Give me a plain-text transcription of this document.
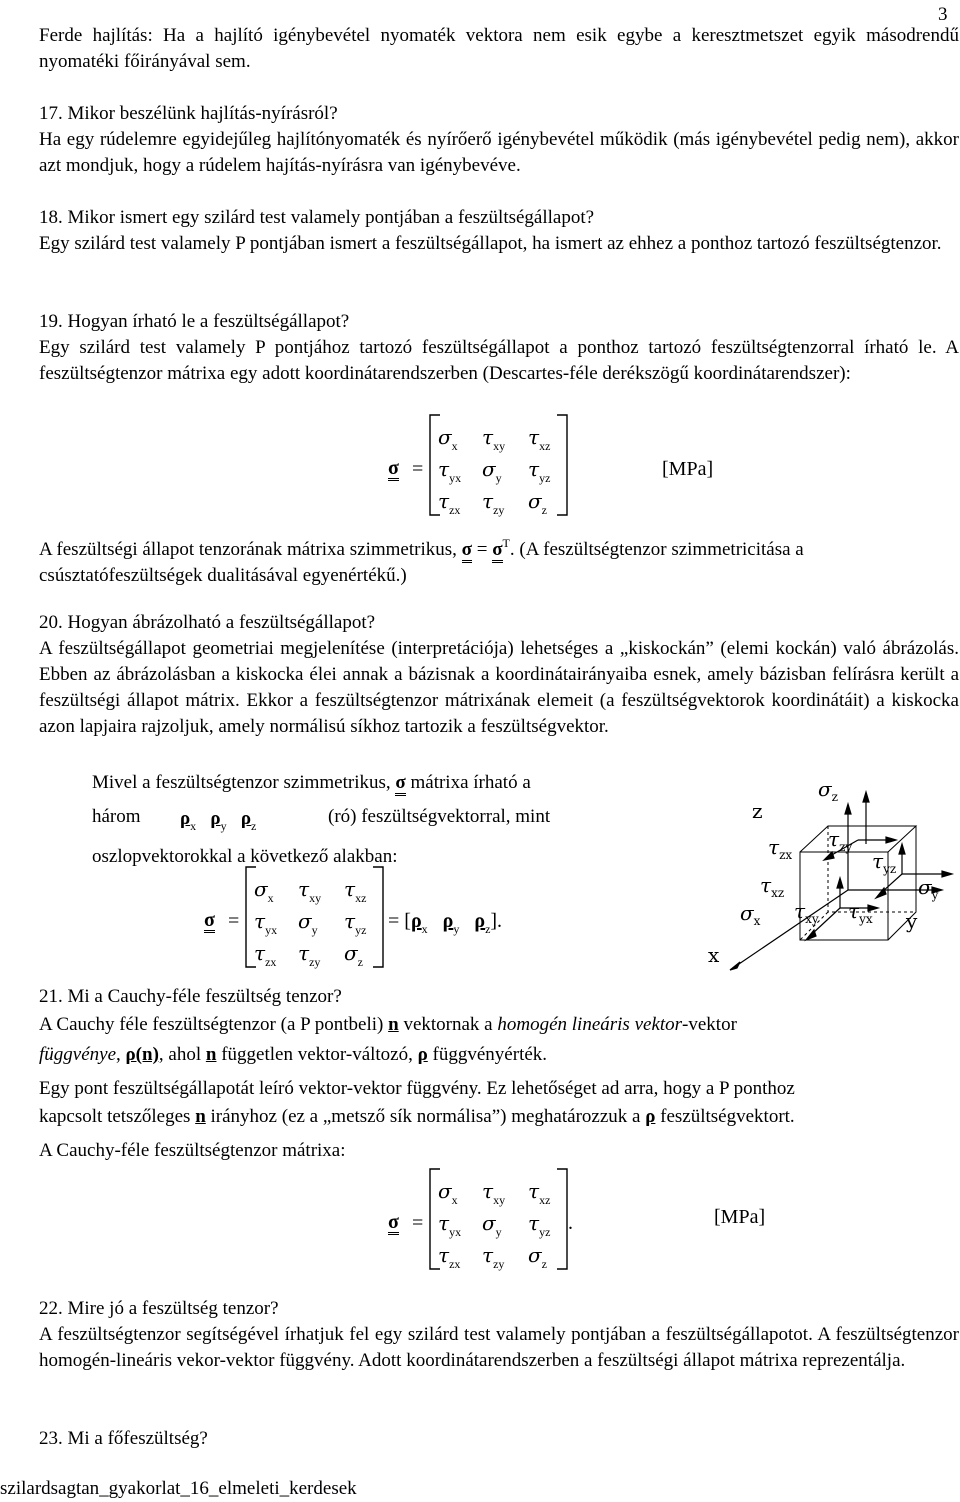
3
Ferde hajlítás: Ha a hajlító igénybevétel nyomaték vektora nem esik egybe a keresztmetszet egyik másodrendű nyomatéki főirányával sem.
17. Mikor beszélünk hajlítás-nyírásról?
Ha egy rúdelemre egyidejűleg hajlítónyomaték és nyírőerő igénybevétel működik (más igénybevétel pedig nem), akkor azt mondjuk, hogy a rúdelem hajítás-nyírásra van igénybevéve.
18. Mikor ismert egy szilárd test valamely pontjában a feszültségállapot?
Egy szilárd test valamely P pontjában ismert a feszültségállapot, ha ismert az ehhez a ponthoz tartozó feszültségtenzor.
19. Hogyan írható le a feszültségállapot?
Egy szilárd test valamely P pontjához tartozó feszültségállapot a ponthoz tartozó feszültségtenzorral írható le. A feszültségtenzor mátrixa egy adott koordinátarendszerben (Descartes-féle derékszögű koordinátarendszer):
σ =
$\sigma_x$ $\tau_{xy}$ $\tau_{xz}$
$\tau_{yx}$ $\sigma_y$ $\tau_{yz}$
$\tau_{zx}$ $\tau_{zy}$ $\sigma_z$
[MPa]
A feszültségi állapot tenzorának mátrixa szimmetrikus, $\sigma = \sigma^T$. (A feszültségtenzor szimmetricitása a csúsztatófeszültségek dualitásával egyenértékű.)
20. Hogyan ábrázolható a feszültségállapot?
A feszültségállapot geometriai megjelenítése (interpretációja) lehetséges a „kiskockán” (elemi kockán) való ábrázolás. Ebben az ábrázolásban a kiskocka élei annak a bázisnak a koordinátairányaiba esnek, amely bázisban felírásra került a feszültségi állapot mátrix. Ekkor a feszültségtenzor mátrixának elemeit (a feszültségvektorok koordinátáit) a kiskocka azon lapjaira rajzoljuk, amely normálisú síkhoz tartozik a feszültségvektor.
Mivel a feszültségtenzor szimmetrikus, σ mátrixa írható a
három $\rho_x$ $\rho_y$ $\rho_z$	(ró) feszültségvektorral, mint
oszlopvektorokkal a következő alakban:
σ =
$\sigma_x$ $\tau_{xy}$ $\tau_{xz}$
$\tau_{yx}$ $\sigma_y$ $\tau_{yz}$
$\tau_{zx}$ $\tau_{zy}$ $\sigma_z$
= [$\rho_x$ $\rho_y$ $\rho_z$].
z
y
x
$\sigma_z$
$\tau_{zx}$
$\tau_{zy}$
$\tau_{yz}$
$\sigma_y$
$\tau_{xz}$
$\sigma_x$ $\tau_{xy}$ $\tau_{yx}$
21. Mi a Cauchy-féle feszültség tenzor?
A Cauchy féle feszültségtenzor (a P pontbeli) n vektornak a homogén lineáris vektor-vektor
függvénye, ρ(n), ahol n független vektor-változó, ρ függvényérték.
Egy pont feszültségállapotát leíró vektor-vektor függvény. Ez lehetőséget ad arra, hogy a P ponthoz
kapcsolt tetszőleges n irányhoz (ez a „metsző sík normálisa”) meghatározzuk a ρ feszültségvektort.
A Cauchy-féle feszültségtenzor mátrixa:
σ =
$\sigma_x$ $\tau_{xy}$ $\tau_{xz}$
$\tau_{yx}$ $\sigma_y$ $\tau_{yz}$
$\tau_{zx}$ $\tau_{zy}$ $\sigma_z$
.	[MPa]
22. Mire jó a feszültség tenzor?
A feszültségtenzor segítségével írhatjuk fel egy szilárd test valamely pontjában a feszültségállapotot. A feszültségtenzor homogén-lineáris vekor-vektor függvény. Adott koordinátarendszerben a feszültségi állapot mátrixa reprezentálja.
23. Mi a főfeszültség?
szilardsagtan_gyakorlat_16_elmeleti_kerdesek
